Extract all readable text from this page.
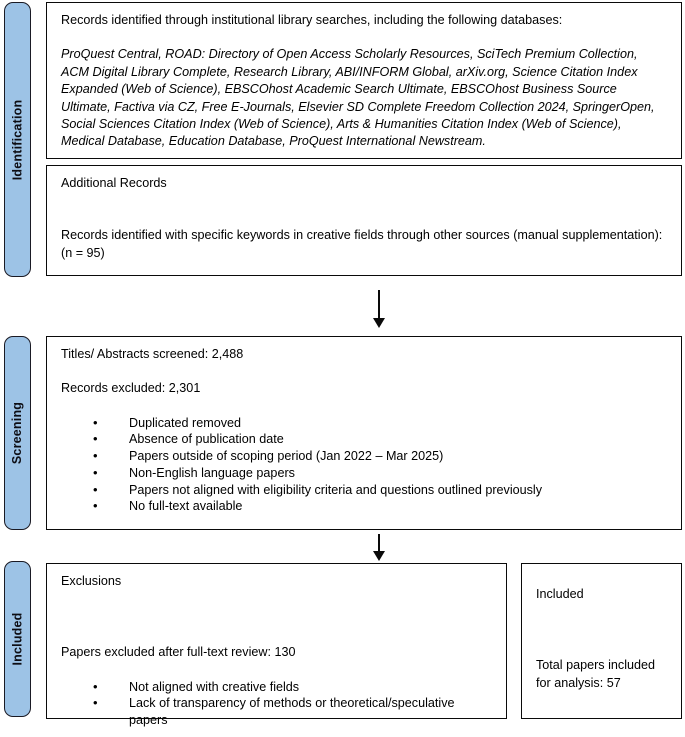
Identification
Screening
Included

Records identified through institutional library searches, including the following databases:

ProQuest Central, ROAD: Directory of Open Access Scholarly Resources, SciTech Premium Collection, ACM Digital Library Complete, Research Library, ABI/INFORM Global, arXiv.org, Science Citation Index Expanded (Web of Science), EBSCOhost Academic Search Ultimate, EBSCOhost Business Source Ultimate, Factiva via CZ, Free E-Journals, Elsevier SD Complete Freedom Collection 2024, SpringerOpen, Social Sciences Citation Index (Web of Science), Arts & Humanities Citation Index (Web of Science), Medical Database, Education Database, ProQuest International Newstream.

Additional Records

Records identified with specific keywords in creative fields through other sources (manual supplementation): (n = 95)

Titles/ Abstracts screened: 2,488

Records excluded: 2,301

• Duplicated removed
• Absence of publication date
• Papers outside of scoping period (Jan 2022 – Mar 2025)
• Non-English language papers
• Papers not aligned with eligibility criteria and questions outlined previously
• No full-text available

Exclusions

Papers excluded after full-text review: 130

• Not aligned with creative fields
• Lack of transparency of methods or theoretical/speculative papers

Included

Total papers included for analysis: 57
